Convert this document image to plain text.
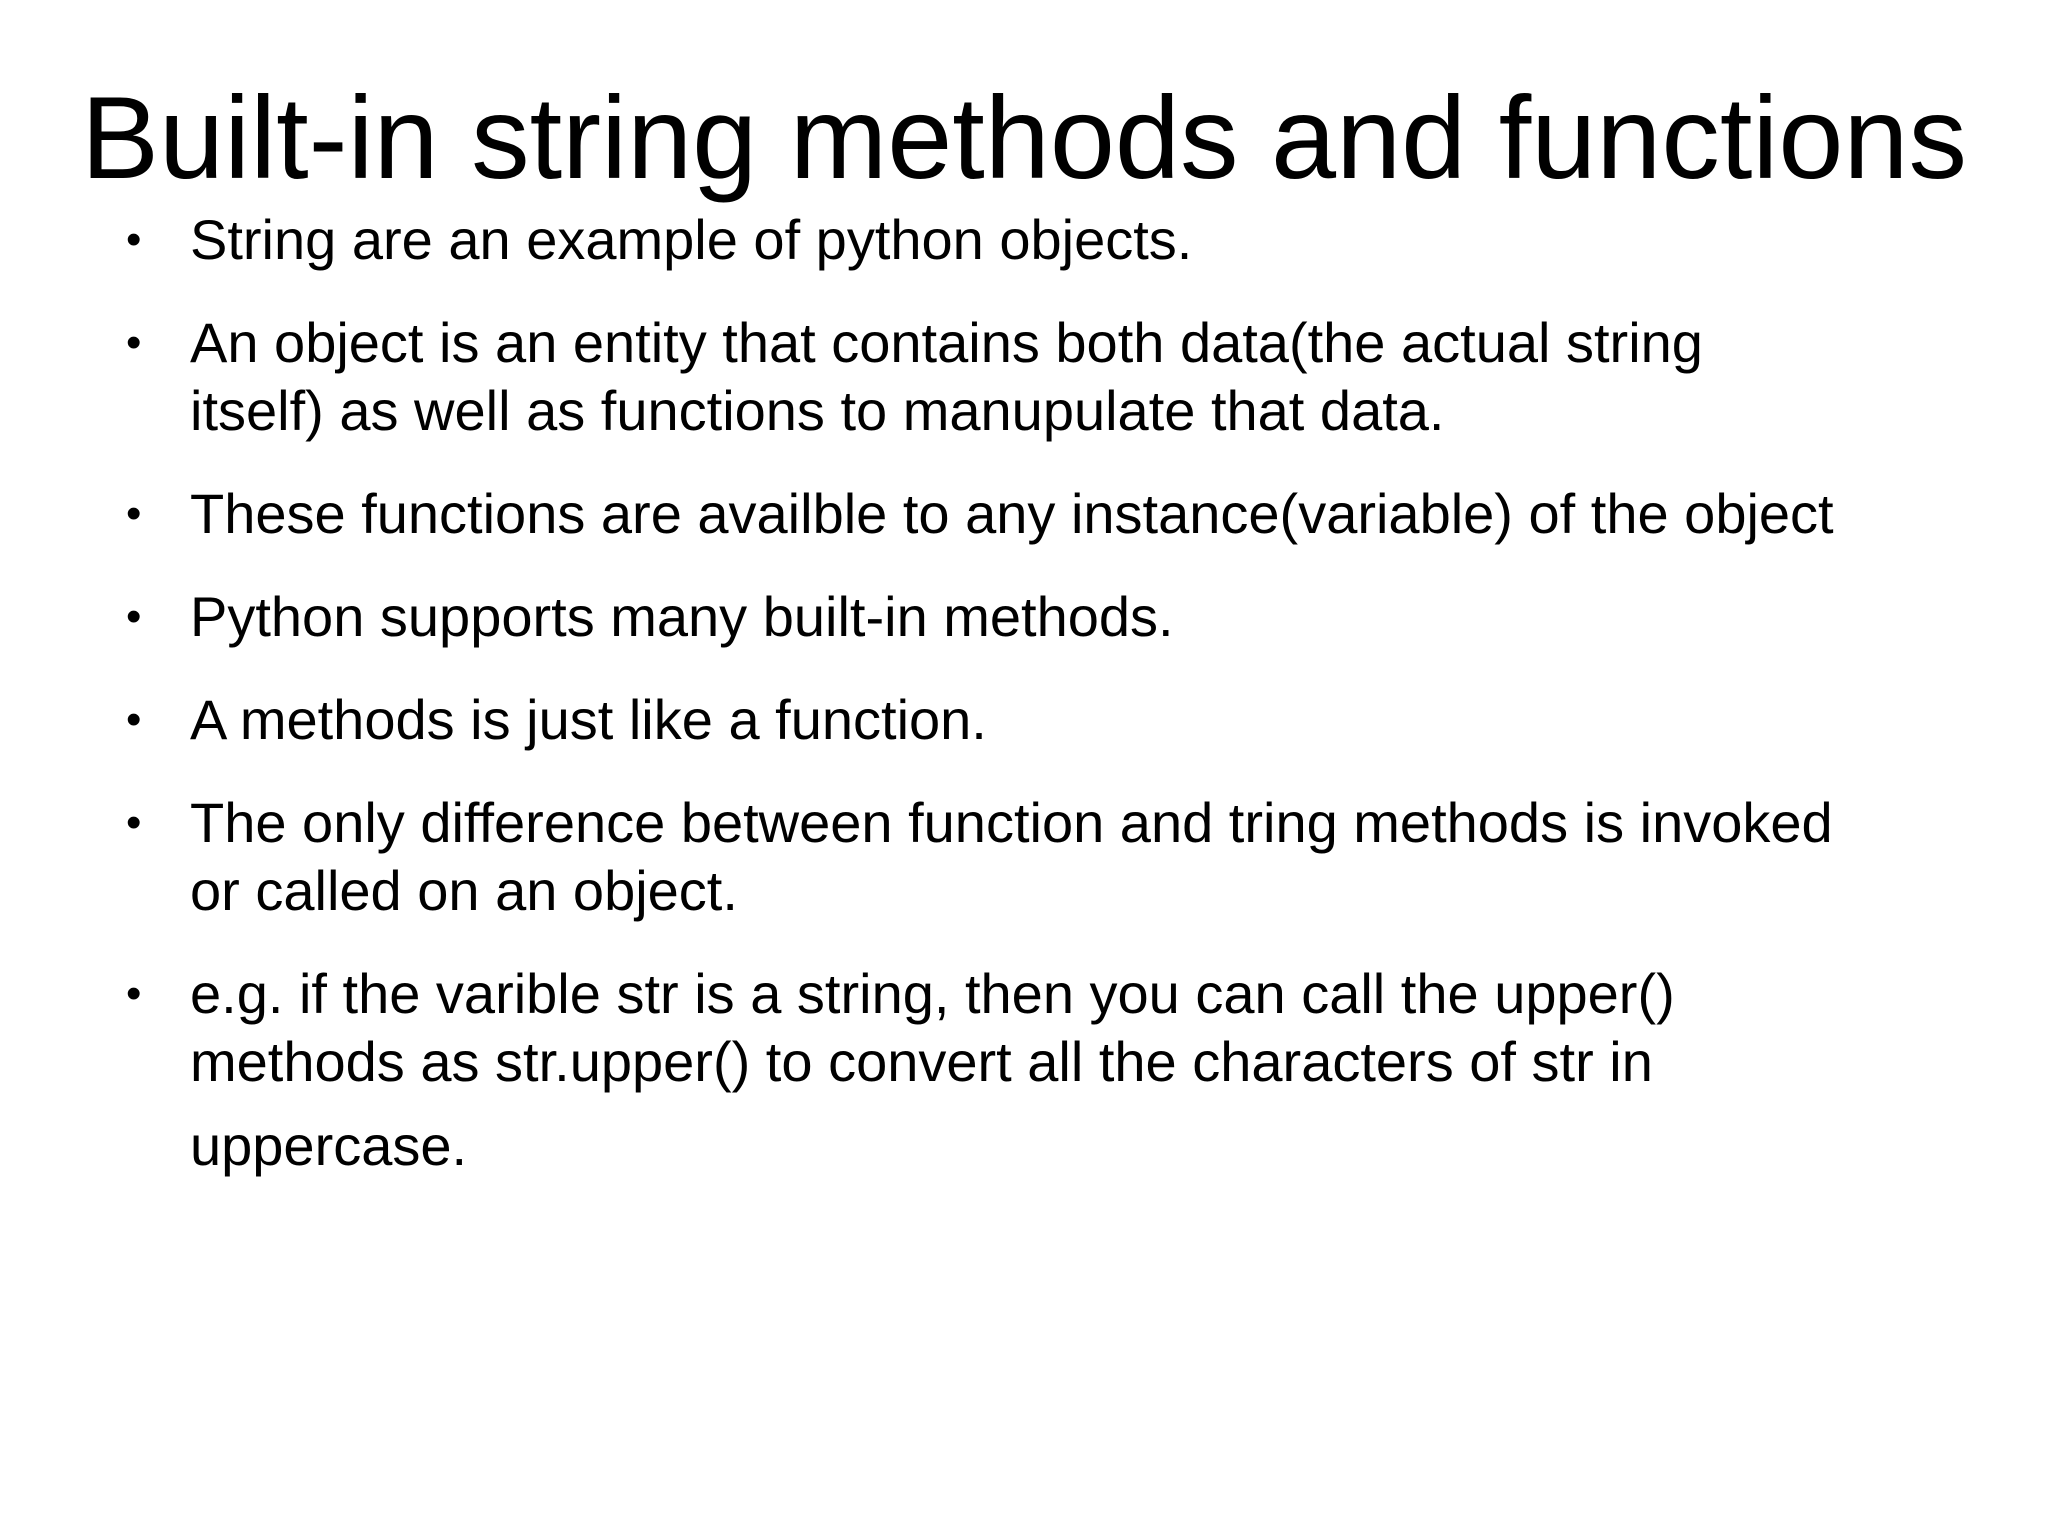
Built-in string methods and functions
• String are an example of python objects.
• An object is an entity that contains both data(the actual string
itself) as well as functions to manupulate that data.
• These functions are availble to any instance(variable) of the object
• Python supports many built-in methods.
• A methods is just like a function.
• The only difference between function and tring methods is invoked
or called on an object.
• e.g. if the varible str is a string, then you can call the upper()
methods as str.upper() to convert all the characters of str in
uppercase.
